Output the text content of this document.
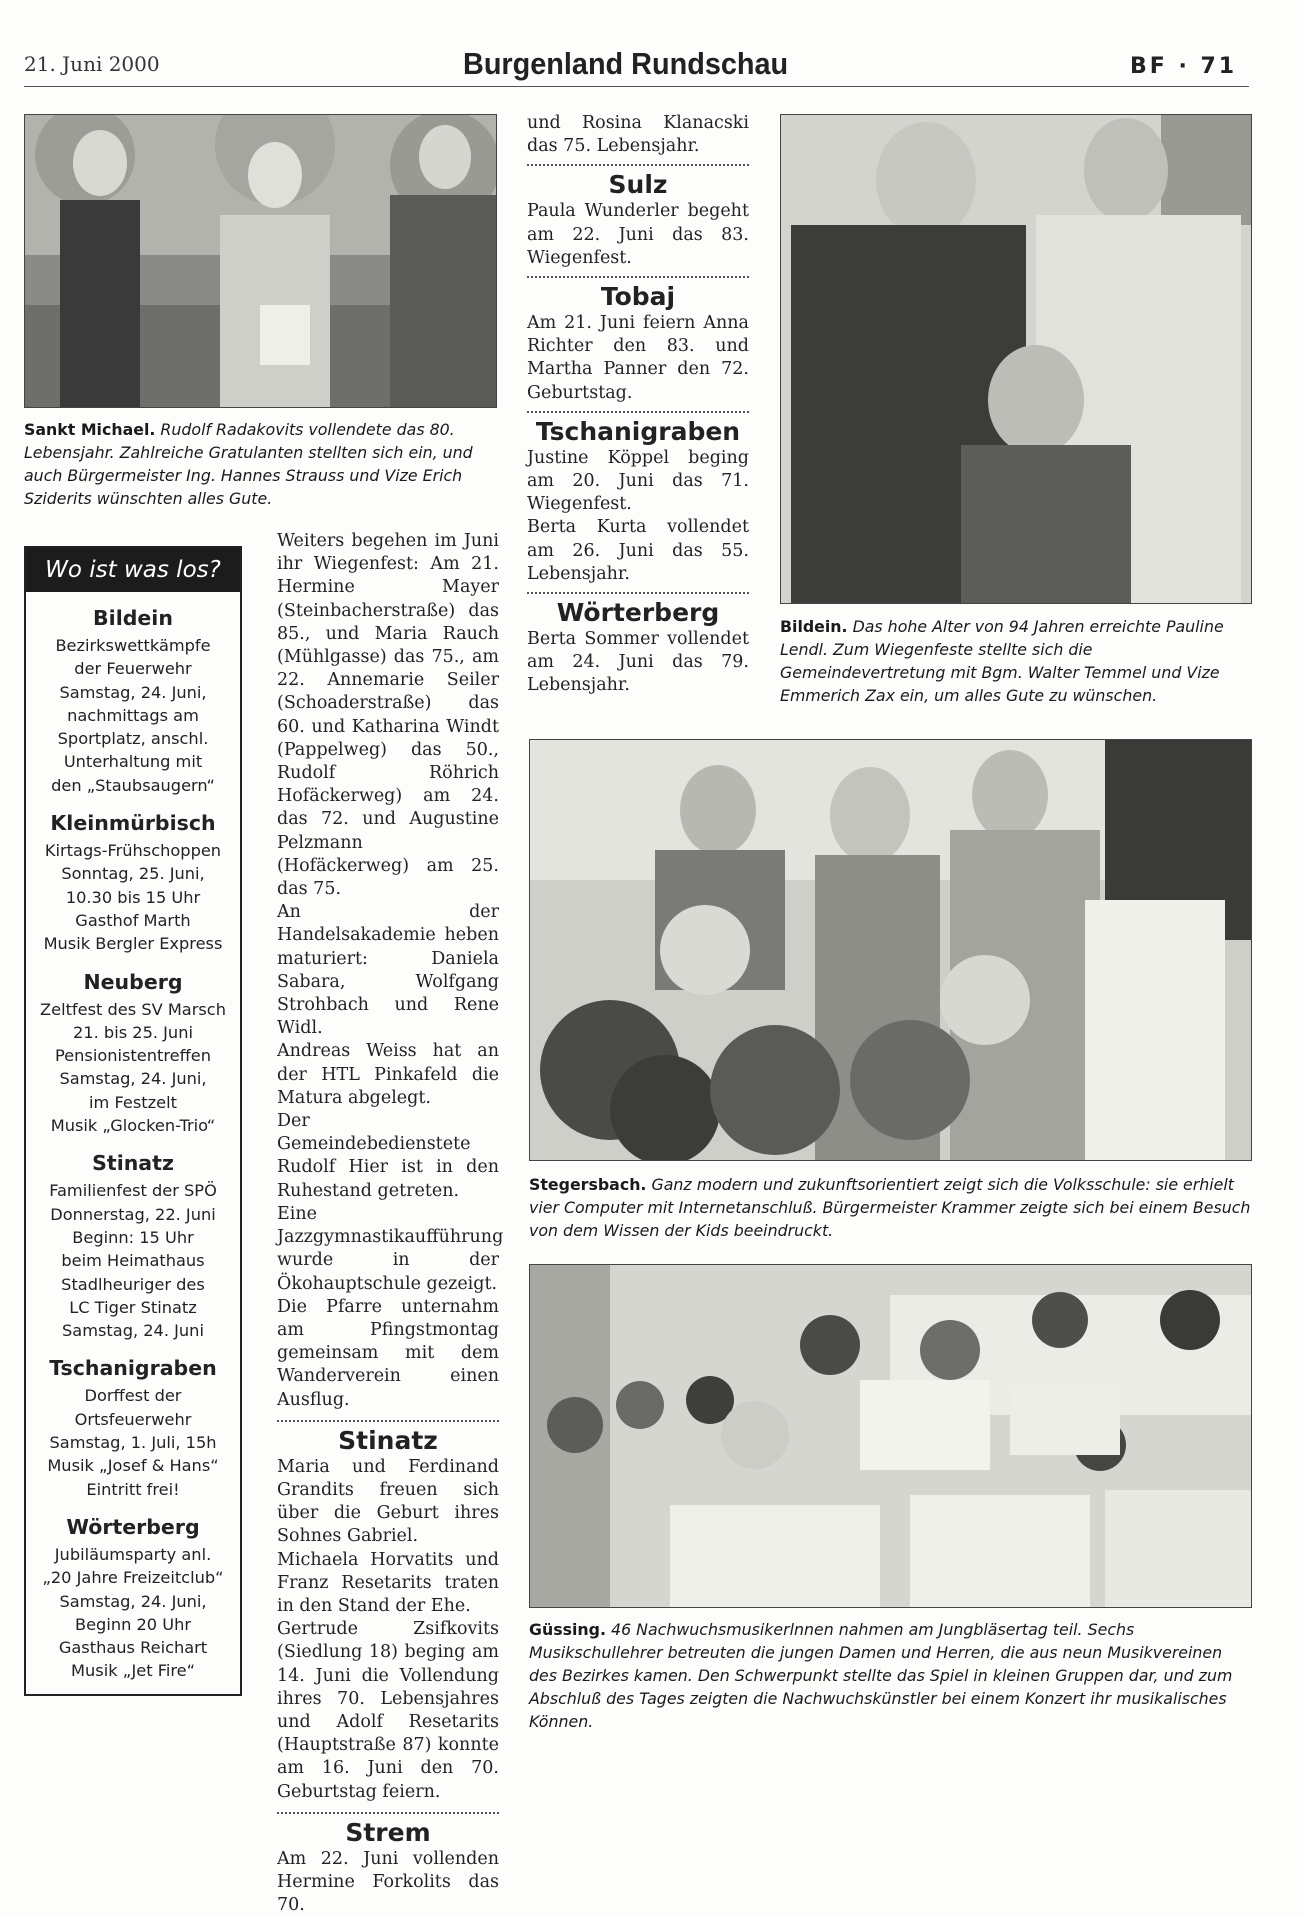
21. Juni 2000	Burgenland Rundschau	BF · 71
Sankt Michael. Rudolf Radakovits vollendete das 80. Lebensjahr. Zahlreiche Gratulanten stellten sich ein, und auch Bürgermeister Ing. Hannes Strauss und Vize Erich Sziderits wünschten alles Gute.
Wo ist was los?
Bildein
Bezirkswettkämpfe
der Feuerwehr
Samstag, 24. Juni,
nachmittags am
Sportplatz, anschl.
Unterhaltung mit
den „Staubsaugern“
Kleinmürbisch
Kirtags-Frühschoppen
Sonntag, 25. Juni,
10.30 bis 15 Uhr
Gasthof Marth
Musik Bergler Express
Neuberg
Zeltfest des SV Marsch
21. bis 25. Juni
Pensionistentreffen
Samstag, 24. Juni,
im Festzelt
Musik „Glocken-Trio“
Stinatz
Familienfest der SPÖ
Donnerstag, 22. Juni
Beginn: 15 Uhr
beim Heimathaus
Stadlheuriger des
LC Tiger Stinatz
Samstag, 24. Juni
Tschanigraben
Dorffest der
Ortsfeuerwehr
Samstag, 1. Juli, 15h
Musik „Josef & Hans“
Eintritt frei!
Wörterberg
Jubiläumsparty anl.
„20 Jahre Freizeitclub“
Samstag, 24. Juni,
Beginn 20 Uhr
Gasthaus Reichart
Musik „Jet Fire“

Weiters begehen im Juni ihr Wiegenfest: Am 21. Hermine Mayer (Steinbacherstraße) das 85., und Maria Rauch (Mühlgasse) das 75., am 22. Annemarie Seiler (Schoaderstraße) das 60. und Katharina Windt (Pappelweg) das 50., Rudolf Röhrich Hofäckerweg) am 24. das 72. und Augustine Pelzmann (Hofäckerweg) am 25. das 75.

An der Handelsakademie heben maturiert: Daniela Sabara, Wolfgang Strohbach und Rene Widl.

Andreas Weiss hat an der HTL Pinkafeld die Matura abgelegt.

Der Gemeindebedienstete Rudolf Hier ist in den Ruhestand getreten.

Eine Jazzgymnastikaufführung wurde in der Ökohauptschule gezeigt.

Die Pfarre unternahm am Pfingstmontag gemeinsam mit dem Wanderverein einen Ausflug.

Stinatz

Maria und Ferdinand Grandits freuen sich über die Geburt ihres Sohnes Gabriel.

Michaela Horvatits und Franz Resetarits traten in den Stand der Ehe.

Gertrude Zsifkovits (Siedlung 18) beging am 14. Juni die Vollendung ihres 70. Lebensjahres und Adolf Resetarits (Hauptstraße 87) konnte am 16. Juni den 70. Geburtstag feiern.

Strem

Am 22. Juni vollenden Hermine Forkolits das 70.

und Rosina Klanacski das 75. Lebensjahr.

Sulz

Paula Wunderler begeht am 22. Juni das 83. Wiegenfest.

Tobaj

Am 21. Juni feiern Anna Richter den 83. und Martha Panner den 72. Geburtstag.

Tschanigraben

Justine Köppel beging am 20. Juni das 71. Wiegenfest.

Berta Kurta vollendet am 26. Juni das 55. Lebensjahr.

Wörterberg

Berta Sommer vollendet am 24. Juni das 79. Lebensjahr.

Bildein. Das hohe Alter von 94 Jahren erreichte Pauline Lendl. Zum Wiegenfeste stellte sich die Gemeindevertretung mit Bgm. Walter Temmel und Vize Emmerich Zax ein, um alles Gute zu wünschen.
Stegersbach. Ganz modern und zukunftsorientiert zeigt sich die Volksschule: sie erhielt vier Computer mit Internetanschluß. Bürgermeister Krammer zeigte sich bei einem Besuch von dem Wissen der Kids beeindruckt.
Güssing. 46 Nachwuchsmusikerlnnen nahmen am Jungbläsertag teil. Sechs Musikschullehrer betreuten die jungen Damen und Herren, die aus neun Musikvereinen des Bezirkes kamen. Den Schwerpunkt stellte das Spiel in kleinen Gruppen dar, und zum Abschluß des Tages zeigten die Nachwuchskünstler bei einem Konzert ihr musikalisches Können.
